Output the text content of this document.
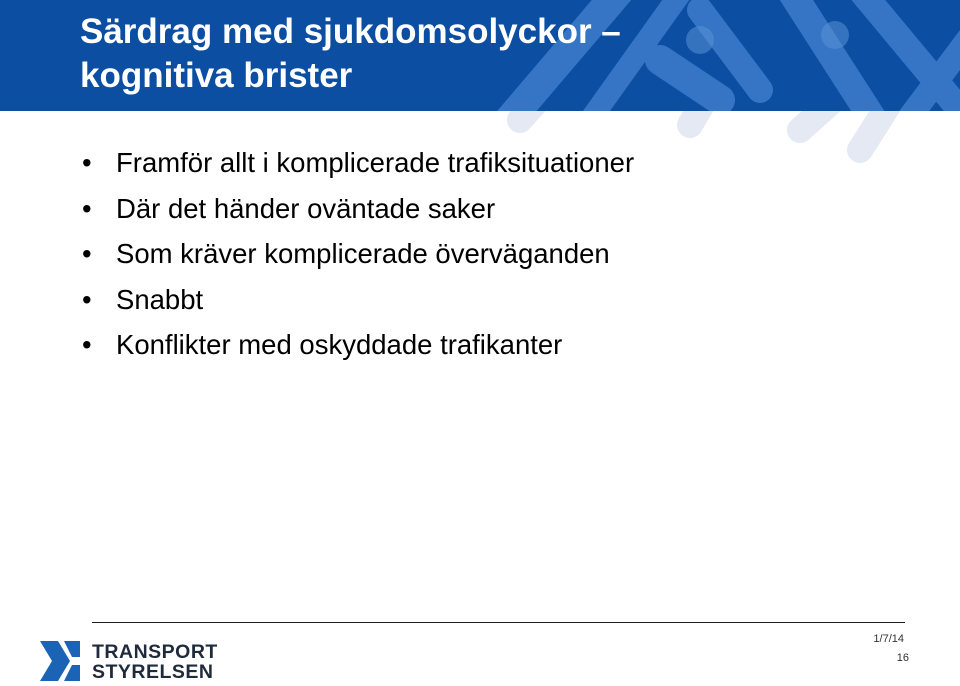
Särdrag med sjukdomsolyckor –
kognitiva brister
• Framför allt i komplicerade trafiksituationer
• Där det händer oväntade saker
• Som kräver komplicerade överväganden
• Snabbt
• Konflikter med oskyddade trafikanter
TRANSPORT
STYRELSEN
1/7/14
16
